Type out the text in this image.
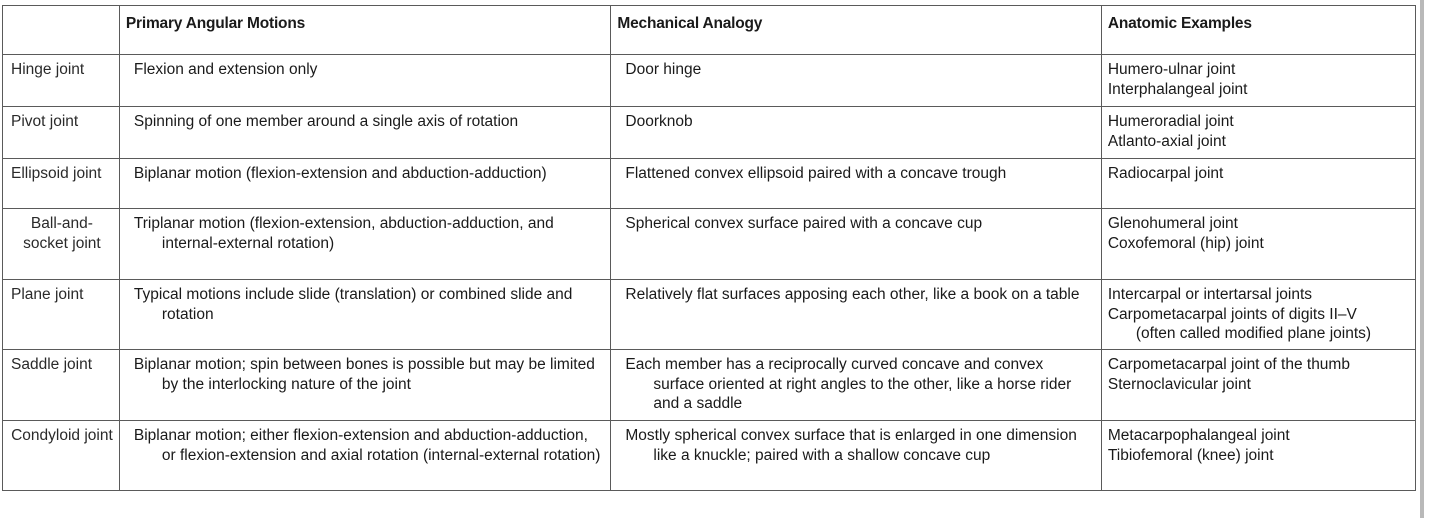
	Primary Angular Motions	Mechanical Analogy	Anatomic Examples
Hinge joint	Flexion and extension only	Door hinge	Humero-ulnar joint
Interphalangeal joint

Pivot joint	Spinning of one member around a single axis of rotation	Doorknob	Humeroradial joint
Atlanto-axial joint

Ellipsoid joint	Biplanar motion (flexion-extension and abduction-adduction)	Flattened convex ellipsoid paired with a concave trough	Radiocarpal joint

Ball-and-socket joint	Triplanar motion (flexion-extension, abduction-adduction, and internal-external rotation)	Spherical convex surface paired with a concave cup	Glenohumeral joint
Coxofemoral (hip) joint

Plane joint	Typical motions include slide (translation) or combined slide and rotation	Relatively flat surfaces apposing each other, like a book on a table	Intercarpal or intertarsal joints
Carpometacarpal joints of digits II–V
(often called modified plane joints)

Saddle joint	Biplanar motion; spin between bones is possible but may be limited by the interlocking nature of the joint	Each member has a reciprocally curved concave and convex surface oriented at right angles to the other, like a horse rider and a saddle	Carpometacarpal joint of the thumb
Sternoclavicular joint

Condyloid joint	Biplanar motion; either flexion-extension and abduction-adduction, or flexion-extension and axial rotation (internal-external rotation)	Mostly spherical convex surface that is enlarged in one dimension like a knuckle; paired with a shallow concave cup	Metacarpophalangeal joint
Tibiofemoral (knee) joint
